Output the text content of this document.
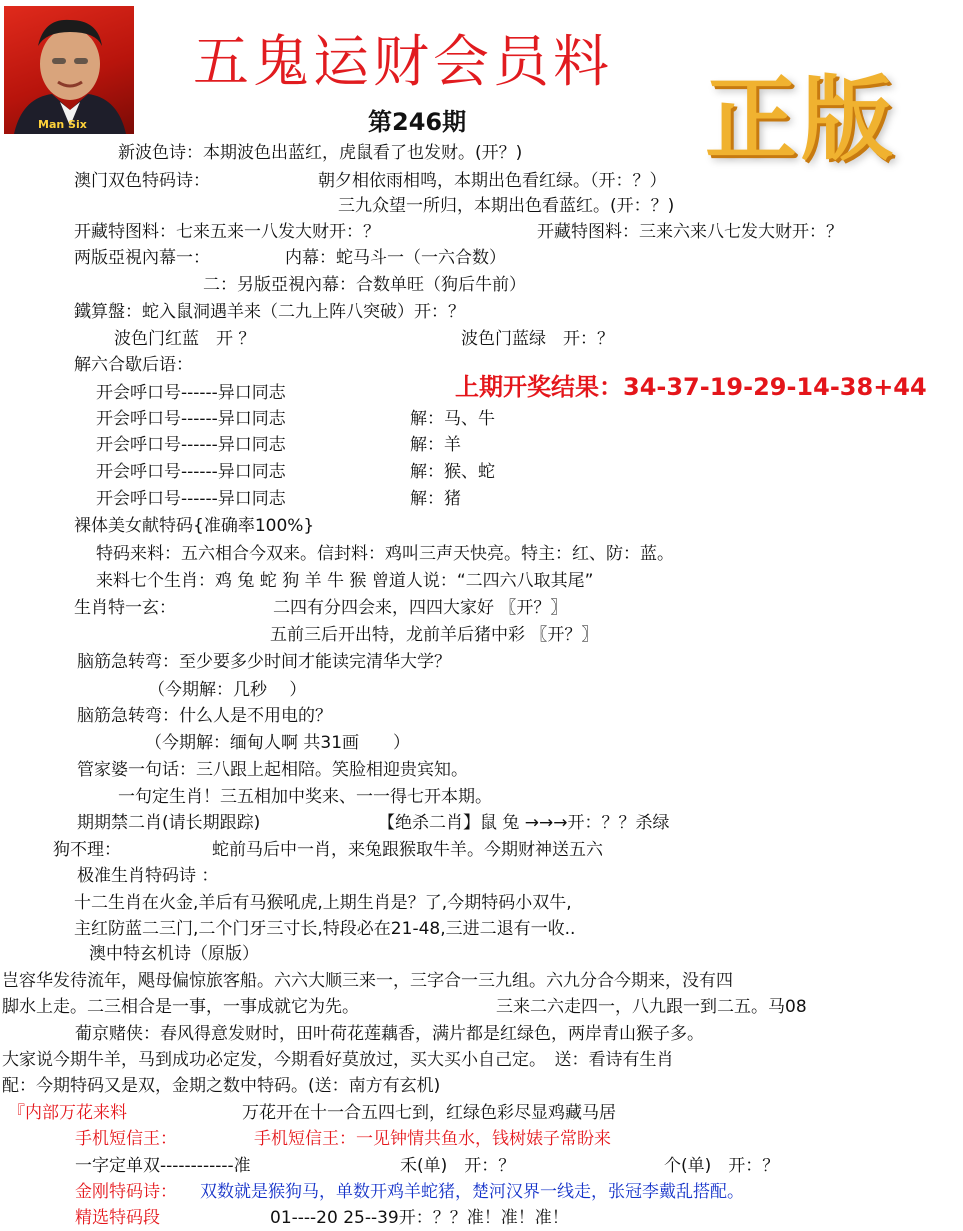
Man Six
五鬼运财会员料
第246期	正版
上期开奖结果：34-37-19-29-14-38+44
新波色诗：本期波色出蓝红，虎鼠看了也发财。(开？)
澳门双色特码诗：	朝夕相依雨相鸣，本期出色看红绿。（开：？）
三九众望一所归，本期出色看蓝红。(开：？)
开藏特图料：七来五来一八发大财开：？	开藏特图料：三来六来八七发大财开：？
两版亞視內幕一：	内幕：蛇马斗一（一六合数）
二：另版亞視內幕：合数单旺（狗后牛前）
鐵算盤：蛇入鼠洞遇羊来（二九上阵八突破）开：？
波色门红蓝　开 ？	波色门蓝绿　开：？
解六合歇后语：
开会呼口号------异口同志
开会呼口号------异口同志	解：马、牛
开会呼口号------异口同志	解：羊
开会呼口号------异口同志	解：猴、蛇
开会呼口号------异口同志	解：猪
裸体美女献特码{准确率100%}
特码来料：五六相合今双来。信封料：鸡叫三声天快亮。特主：红、防：蓝。
来料七个生肖：鸡 兔 蛇 狗 羊 牛 猴 曾道人说：“二四六八取其尾”
生肖特一玄：	二四有分四会来，四四大家好 〖开？〗
五前三后开出特，龙前羊后猪中彩 〖开？〗
脑筋急转弯：至少要多少时间才能读完清华大学？
（今期解：几秒　 ）
脑筋急转弯：什么人是不用电的？
（今期解：缅甸人啊 共31画　　）
管家婆一句话：三八跟上起相陪。笑脸相迎贵宾知。
一句定生肖！三五相加中奖来、一一得七开本期。
期期禁二肖(请长期跟踪)	【绝杀二肖】鼠 兔 →→→开：？？杀绿
狗不理：	蛇前马后中一肖，来兔跟猴取牛羊。今期财神送五六
极准生肖特码诗 ：
十二生肖在火金,羊后有马猴吼虎,上期生肖是？了,今期特码小双牛,
主红防蓝二三门,二个门牙三寸长,特段必在21-48,三进二退有一收..
澳中特玄机诗（原版）
岂容华发待流年，飓母偏惊旅客船。六六大顺三来一，三字合一三九组。六九分合今期来，没有四
脚水上走。二三相合是一事，一事成就它为先。	三来二六走四一，八九跟一到二五。马08
葡京赌侠：春风得意发财时，田叶荷花莲藕香，满片都是红绿色，两岸青山猴子多。
大家说今期牛羊，马到成功必定发，今期看好莫放过，买大买小自己定。　送：看诗有生肖
配：今期特码又是双，金期之数中特码。(送：南方有玄机)
『内部万花来料	万花开在十一合五四七到，红绿色彩尽显鸡藏马居
手机短信王：	手机短信王：一见钟情共鱼水，钱树婊子常盼来
一字定单双------------准	禾(单)　开：？	个(单)　开：？
金刚特码诗： 双数就是猴狗马，单数开鸡羊蛇猪，楚河汉界一线走，张冠李戴乱搭配。
精选特码段	01----20 25--39开：？？准！准！准！
